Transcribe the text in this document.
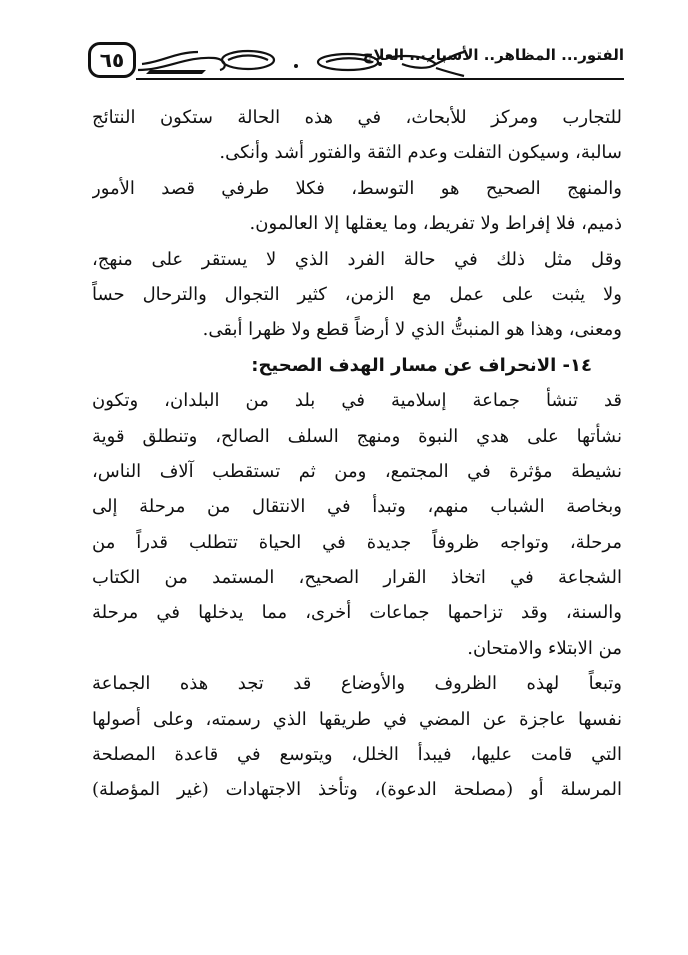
٦٥	الفتور... المظاهر.. الأسباب.. العلاج
للتجارب ومركز للأبحاث، في هذه الحالة ستكون النتائج
سالبة، وسيكون التفلت وعدم الثقة والفتور أشد وأنكى.
والمنهج الصحيح هو التوسط، فكلا طرفي قصد الأمور
ذميم، فلا إفراط ولا تفريط، وما يعقلها إلا العالمون.
وقل مثل ذلك في حالة الفرد الذي لا يستقر على منهج،
ولا يثبت على عمل مع الزمن، كثير التجوال والترحال حساً
ومعنى، وهذا هو المنبتُّ الذي لا أرضاً قطع ولا ظهرا أبقى.
١٤- الانحراف عن مسار الهدف الصحيح:
قد تنشأ جماعة إسلامية في بلد من البلدان، وتكون
نشأتها على هدي النبوة ومنهج السلف الصالح، وتنطلق قوية
نشيطة مؤثرة في المجتمع، ومن ثم تستقطب آلاف الناس،
وبخاصة الشباب منهم، وتبدأ في الانتقال من مرحلة إلى
مرحلة، وتواجه ظروفاً جديدة في الحياة تتطلب قدراً من
الشجاعة في اتخاذ القرار الصحيح، المستمد من الكتاب
والسنة، وقد تزاحمها جماعات أخرى، مما يدخلها في مرحلة
من الابتلاء والامتحان.
وتبعاً لهذه الظروف والأوضاع قد تجد هذه الجماعة
نفسها عاجزة عن المضي في طريقها الذي رسمته، وعلى أصولها
التي قامت عليها، فيبدأ الخلل، ويتوسع في قاعدة المصلحة
المرسلة أو (مصلحة الدعوة)، وتأخذ الاجتهادات (غير المؤصلة)
